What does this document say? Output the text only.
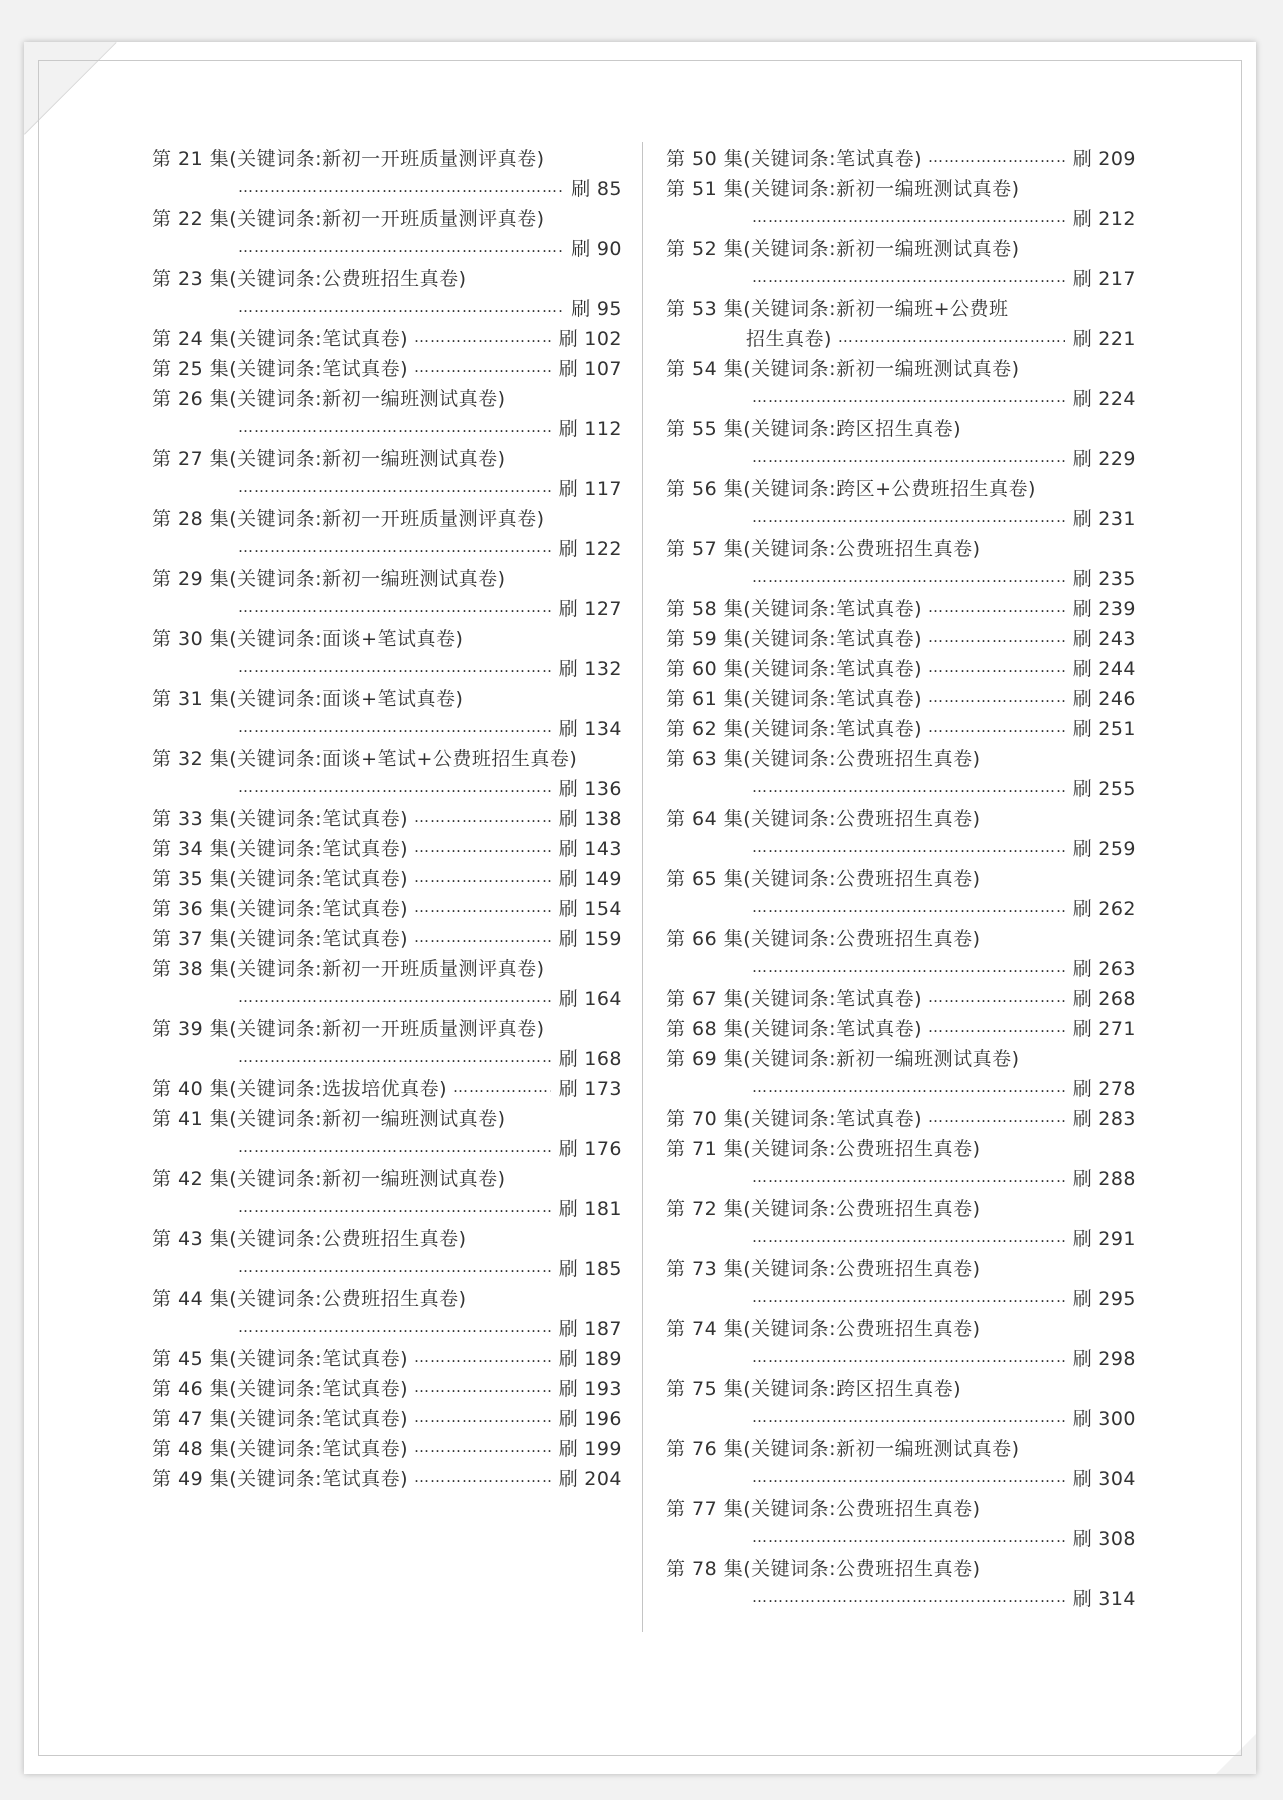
第 21 集(关键词条:新初一开班质量测评真卷)
……………………………………………………………………………………………………
刷 85
第 22 集(关键词条:新初一开班质量测评真卷)
……………………………………………………………………………………………………
刷 90
第 23 集(关键词条:公费班招生真卷)
……………………………………………………………………………………………………
刷 95
第 24 集(关键词条:笔试真卷) ……………………………………………………………………………………………………	刷 102
第 25 集(关键词条:笔试真卷) ……………………………………………………………………………………………………	刷 107
第 26 集(关键词条:新初一编班测试真卷)
……………………………………………………………………………………………………
刷 112
第 27 集(关键词条:新初一编班测试真卷)
……………………………………………………………………………………………………
刷 117
第 28 集(关键词条:新初一开班质量测评真卷)
……………………………………………………………………………………………………
刷 122
第 29 集(关键词条:新初一编班测试真卷)
……………………………………………………………………………………………………
刷 127
第 30 集(关键词条:面谈+笔试真卷)
……………………………………………………………………………………………………
刷 132
第 31 集(关键词条:面谈+笔试真卷)
……………………………………………………………………………………………………
刷 134
第 32 集(关键词条:面谈+笔试+公费班招生真卷)
……………………………………………………………………………………………………
刷 136
第 33 集(关键词条:笔试真卷) ……………………………………………………………………………………………………	刷 138
第 34 集(关键词条:笔试真卷) ……………………………………………………………………………………………………	刷 143
第 35 集(关键词条:笔试真卷) ……………………………………………………………………………………………………	刷 149
第 36 集(关键词条:笔试真卷) ……………………………………………………………………………………………………	刷 154
第 37 集(关键词条:笔试真卷) ……………………………………………………………………………………………………	刷 159
第 38 集(关键词条:新初一开班质量测评真卷)
……………………………………………………………………………………………………
刷 164
第 39 集(关键词条:新初一开班质量测评真卷)
……………………………………………………………………………………………………
刷 168
第 40 集(关键词条:选拔培优真卷) ……………………………………………………………………………………………………	刷 173
第 41 集(关键词条:新初一编班测试真卷)
……………………………………………………………………………………………………
刷 176
第 42 集(关键词条:新初一编班测试真卷)
……………………………………………………………………………………………………
刷 181
第 43 集(关键词条:公费班招生真卷)
……………………………………………………………………………………………………
刷 185
第 44 集(关键词条:公费班招生真卷)
……………………………………………………………………………………………………
刷 187
第 45 集(关键词条:笔试真卷) ……………………………………………………………………………………………………	刷 189
第 46 集(关键词条:笔试真卷) ……………………………………………………………………………………………………	刷 193
第 47 集(关键词条:笔试真卷) ……………………………………………………………………………………………………	刷 196
第 48 集(关键词条:笔试真卷) ……………………………………………………………………………………………………	刷 199
第 49 集(关键词条:笔试真卷) ……………………………………………………………………………………………………	刷 204
第 50 集(关键词条:笔试真卷) ……………………………………………………………………………………………………	刷 209
第 51 集(关键词条:新初一编班测试真卷)
……………………………………………………………………………………………………
刷 212
第 52 集(关键词条:新初一编班测试真卷)
……………………………………………………………………………………………………
刷 217
第 53 集(关键词条:新初一编班+公费班
招生真卷) ……………………………………………………………………………………………………	刷 221
第 54 集(关键词条:新初一编班测试真卷)
……………………………………………………………………………………………………
刷 224
第 55 集(关键词条:跨区招生真卷)
……………………………………………………………………………………………………
刷 229
第 56 集(关键词条:跨区+公费班招生真卷)
……………………………………………………………………………………………………
刷 231
第 57 集(关键词条:公费班招生真卷)
……………………………………………………………………………………………………
刷 235
第 58 集(关键词条:笔试真卷) ……………………………………………………………………………………………………	刷 239
第 59 集(关键词条:笔试真卷) ……………………………………………………………………………………………………	刷 243
第 60 集(关键词条:笔试真卷) ……………………………………………………………………………………………………	刷 244
第 61 集(关键词条:笔试真卷) ……………………………………………………………………………………………………	刷 246
第 62 集(关键词条:笔试真卷) ……………………………………………………………………………………………………	刷 251
第 63 集(关键词条:公费班招生真卷)
……………………………………………………………………………………………………
刷 255
第 64 集(关键词条:公费班招生真卷)
……………………………………………………………………………………………………
刷 259
第 65 集(关键词条:公费班招生真卷)
……………………………………………………………………………………………………
刷 262
第 66 集(关键词条:公费班招生真卷)
……………………………………………………………………………………………………
刷 263
第 67 集(关键词条:笔试真卷) ……………………………………………………………………………………………………	刷 268
第 68 集(关键词条:笔试真卷) ……………………………………………………………………………………………………	刷 271
第 69 集(关键词条:新初一编班测试真卷)
……………………………………………………………………………………………………
刷 278
第 70 集(关键词条:笔试真卷) ……………………………………………………………………………………………………	刷 283
第 71 集(关键词条:公费班招生真卷)
……………………………………………………………………………………………………
刷 288
第 72 集(关键词条:公费班招生真卷)
……………………………………………………………………………………………………
刷 291
第 73 集(关键词条:公费班招生真卷)
……………………………………………………………………………………………………
刷 295
第 74 集(关键词条:公费班招生真卷)
……………………………………………………………………………………………………
刷 298
第 75 集(关键词条:跨区招生真卷)
……………………………………………………………………………………………………
刷 300
第 76 集(关键词条:新初一编班测试真卷)
……………………………………………………………………………………………………
刷 304
第 77 集(关键词条:公费班招生真卷)
……………………………………………………………………………………………………
刷 308
第 78 集(关键词条:公费班招生真卷)
……………………………………………………………………………………………………
刷 314
